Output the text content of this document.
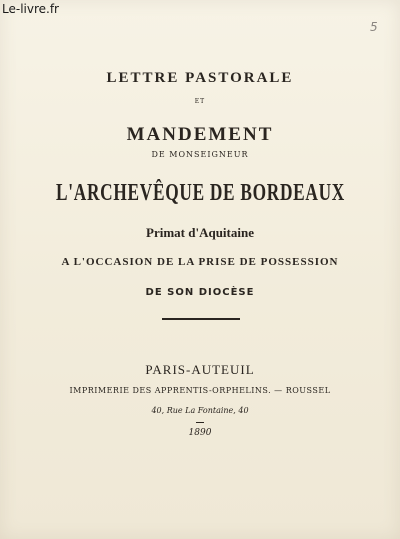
Le-livre.fr
5
LETTRE PASTORALE
ET
MANDEMENT
DE MONSEIGNEUR
L'ARCHEVÊQUE DE BORDEAUX
Primat d'Aquitaine
A L'OCCASION DE LA PRISE DE POSSESSION
DE SON DIOCÈSE
PARIS-AUTEUIL
IMPRIMERIE DES APPRENTIS-ORPHELINS. — ROUSSEL
40, Rue La Fontaine, 40
1890
